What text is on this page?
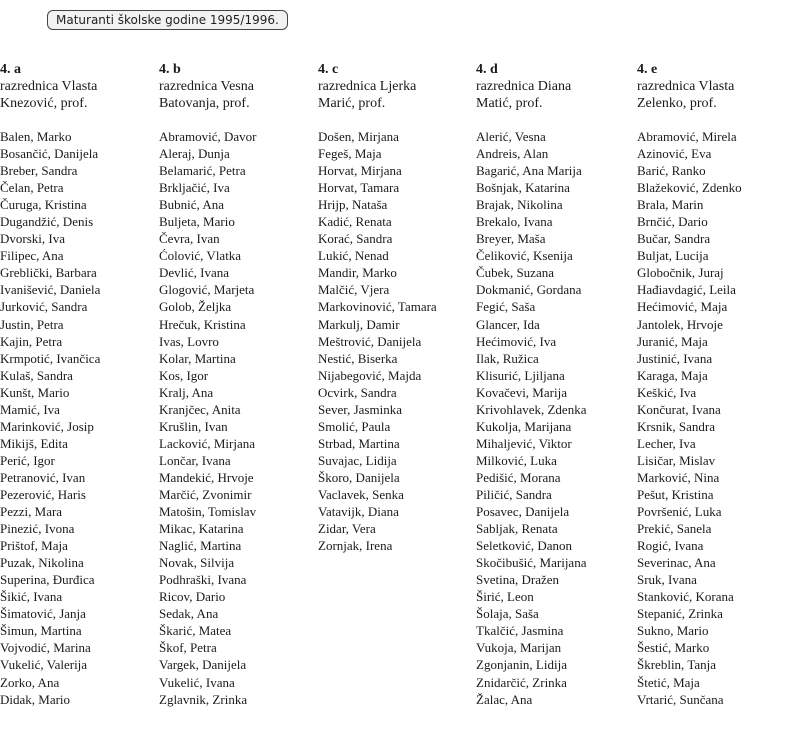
Maturanti školske godine 1995/1996.
4. a
razrednica Vlasta
Knezović, prof.
Balen, Marko
Bosančić, Danijela
Breber, Sandra
Čelan, Petra
Čuruga, Kristina
Dugandžić, Denis
Dvorski, Iva
Filipec, Ana
Greblički, Barbara
Ivanišević, Daniela
Jurković, Sandra
Justin, Petra
Kajin, Petra
Krmpotić, Ivančica
Kulaš, Sandra
Kunšt, Mario
Mamić, Iva
Marinković, Josip
Mikijš, Edita
Perić, Igor
Petranović, Ivan
Pezerović, Haris
Pezzi, Mara
Pinezić, Ivona
Prištof, Maja
Puzak, Nikolina
Superina, Đurđica
Šikić, Ivana
Šimatović, Janja
Šimun, Martina
Vojvodić, Marina
Vukelić, Valerija
Zorko, Ana
Didak, Mario
4. b
razrednica Vesna
Batovanja, prof.
Abramović, Davor
Aleraj, Dunja
Belamarić, Petra
Brkljačić, Iva
Bubnić, Ana
Buljeta, Mario
Čevra, Ivan
Ćolović, Vlatka
Devlić, Ivana
Glogović, Marjeta
Golob, Željka
Hrečuk, Kristina
Ivas, Lovro
Kolar, Martina
Kos, Igor
Kralj, Ana
Kranjčec, Anita
Krušlin, Ivan
Lacković, Mirjana
Lončar, Ivana
Mandekić, Hrvoje
Marčić, Zvonimir
Matošin, Tomislav
Mikac, Katarina
Naglić, Martina
Novak, Silvija
Podhraški, Ivana
Ricov, Dario
Sedak, Ana
Škarić, Matea
Škof, Petra
Vargek, Danijela
Vukelić, Ivana
Zglavnik, Zrinka
4. c
razrednica Ljerka
Marić, prof.
Došen, Mirjana
Fegeš, Maja
Horvat, Mirjana
Horvat, Tamara
Hrijp, Nataša
Kadić, Renata
Korać, Sandra
Lukić, Nenad
Mandir, Marko
Malčić, Vjera
Markovinović, Tamara
Markulj, Damir
Meštrović, Danijela
Nestić, Biserka
Nijabegović, Majda
Ocvirk, Sandra
Sever, Jasminka
Smolić, Paula
Strbad, Martina
Suvajac, Lidija
Škoro, Danijela
Vaclavek, Senka
Vatavijk, Diana
Zidar, Vera
Zornjak, Irena
4. d
razrednica Diana
Matić, prof.
Alerić, Vesna
Andreis, Alan
Bagarić, Ana Marija
Bošnjak, Katarina
Brajak, Nikolina
Brekalo, Ivana
Breyer, Maša
Čeliković, Ksenija
Čubek, Suzana
Dokmanić, Gordana
Fegić, Saša
Glancer, Ida
Hećimović, Iva
Ilak, Ružica
Klisurić, Ljiljana
Kovačevi, Marija
Krivohlavek, Zdenka
Kukolja, Marijana
Mihaljević, Viktor
Milković, Luka
Pedišić, Morana
Piličić, Sandra
Posavec, Danijela
Sabljak, Renata
Seletković, Danon
Skočibušić, Marijana
Svetina, Dražen
Širić, Leon
Šolaja, Saša
Tkalčić, Jasmina
Vukoja, Marijan
Zgonjanin, Lidija
Znidarčić, Zrinka
Žalac, Ana
4. e
razrednica Vlasta
Zelenko, prof.
Abramović, Mirela
Azinović, Eva
Barić, Ranko
Blažeković, Zdenko
Brala, Marin
Brnčić, Dario
Bučar, Sandra
Buljat, Lucija
Globočnik, Juraj
Hađiavdagić, Leila
Hećimović, Maja
Jantolek, Hrvoje
Juranić, Maja
Justinić, Ivana
Karaga, Maja
Keškić, Iva
Končurat, Ivana
Krsnik, Sandra
Lecher, Iva
Lisičar, Mislav
Marković, Nina
Pešut, Kristina
Površenić, Luka
Prekić, Sanela
Rogić, Ivana
Severinac, Ana
Sruk, Ivana
Stanković, Korana
Stepanić, Zrinka
Sukno, Mario
Šestić, Marko
Škreblin, Tanja
Štetić, Maja
Vrtarić, Sunčana
